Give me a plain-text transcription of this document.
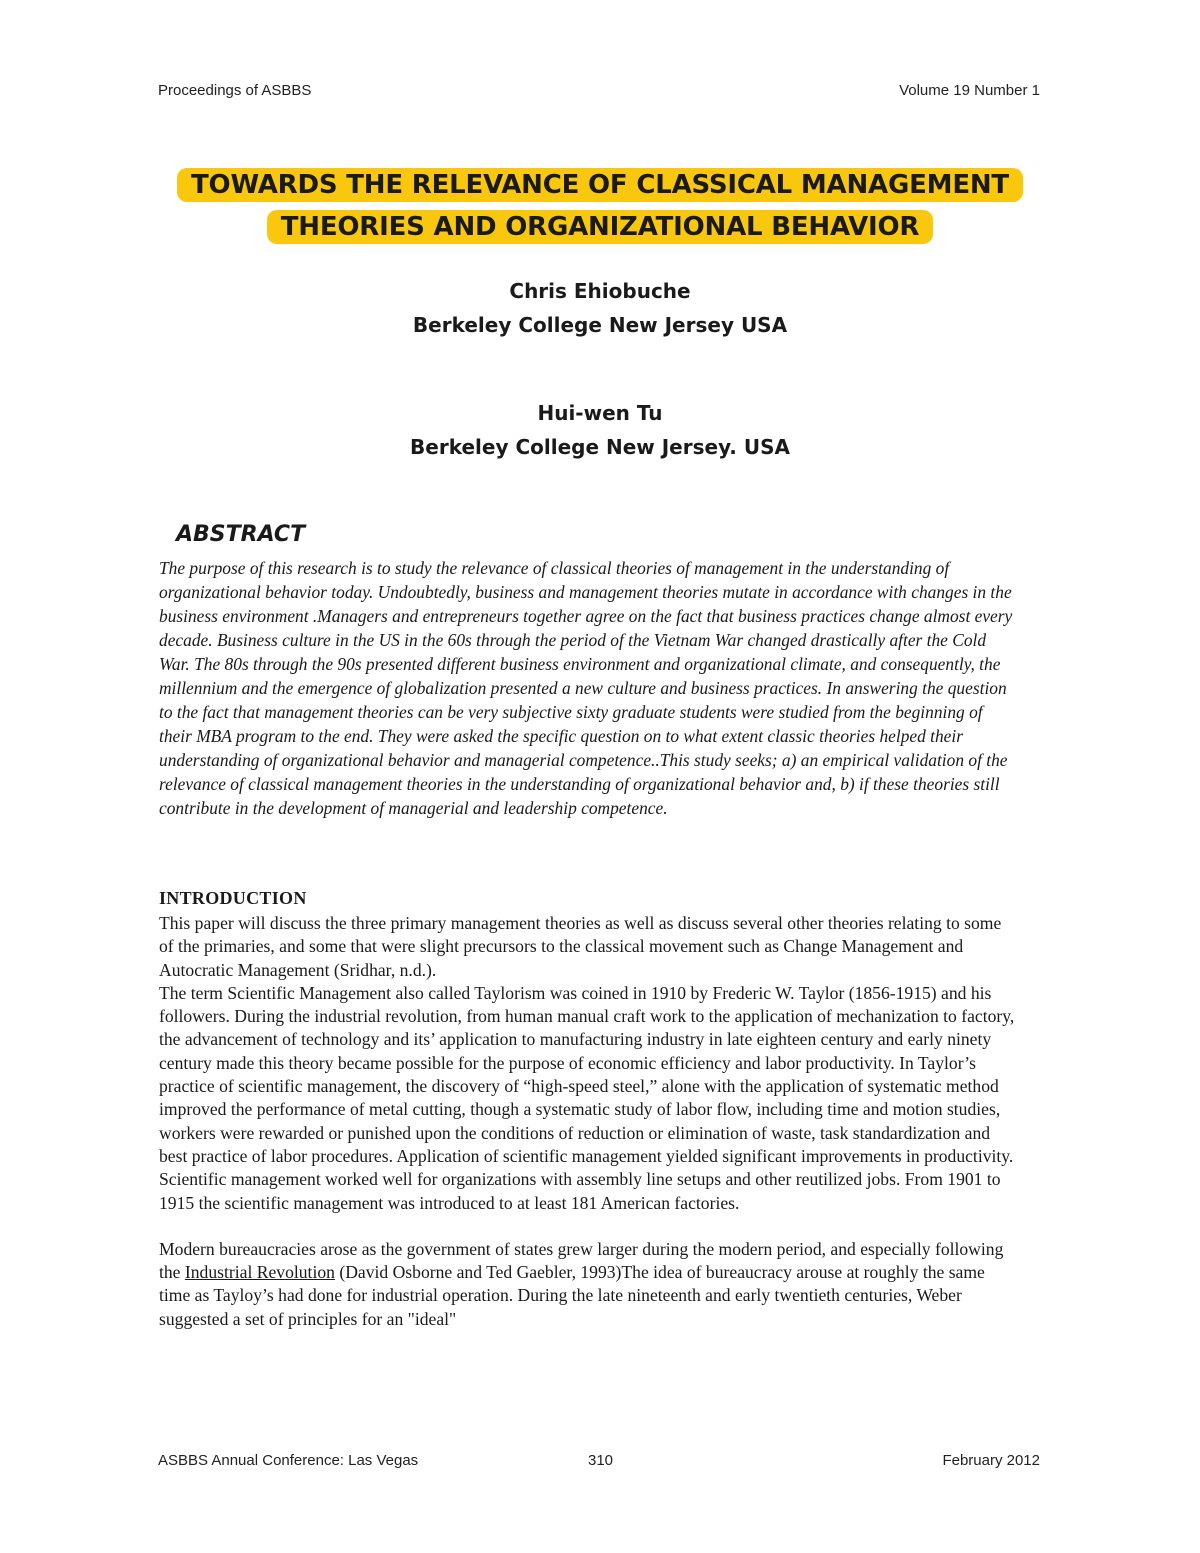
Proceedings of ASBBS	Volume 19 Number 1
TOWARDS THE RELEVANCE OF CLASSICAL MANAGEMENT
THEORIES AND ORGANIZATIONAL BEHAVIOR
Chris Ehiobuche
Berkeley College New Jersey USA
Hui-wen Tu
Berkeley College New Jersey. USA
ABSTRACT
The purpose of this research is to study the relevance of classical theories of management in the understanding of organizational behavior today. Undoubtedly, business and management theories mutate in accordance with changes in the business environment .Managers and entrepreneurs together agree on the fact that business practices change almost every decade. Business culture in the US in the 60s through the period of the Vietnam War changed drastically after the Cold War. The 80s through the 90s presented different business environment and organizational climate, and consequently, the millennium and the emergence of globalization presented a new culture and business practices. In answering the question to the fact that management theories can be very subjective sixty graduate students were studied from the beginning of their MBA program to the end. They were asked the specific question on to what extent classic theories helped their understanding of organizational behavior and managerial competence..This study seeks; a) an empirical validation of the relevance of classical management theories in the understanding of organizational behavior and, b) if these theories still contribute in the development of managerial and leadership competence.
INTRODUCTION

This paper will discuss the three primary management theories as well as discuss several other theories relating to some of the primaries, and some that were slight precursors to the classical movement such as Change Management and Autocratic Management (Sridhar, n.d.).

The term Scientific Management also called Taylorism was coined in 1910 by Frederic W. Taylor (1856-1915) and his followers. During the industrial revolution, from human manual craft work to the application of mechanization to factory, the advancement of technology and its’ application to manufacturing industry in late eighteen century and early ninety century made this theory became possible for the purpose of economic efficiency and labor productivity. In Taylor’s practice of scientific management, the discovery of “high-speed steel,” alone with the application of systematic method improved the performance of metal cutting, though a systematic study of labor flow, including time and motion studies, workers were rewarded or punished upon the conditions of reduction or elimination of waste, task standardization and best practice of labor procedures. Application of scientific management yielded significant improvements in productivity. Scientific management worked well for organizations with assembly line setups and other reutilized jobs. From 1901 to 1915 the scientific management was introduced to at least 181 American factories.

Modern bureaucracies arose as the government of states grew larger during the modern period, and especially following the Industrial Revolution (David Osborne and Ted Gaebler, 1993)The idea of bureaucracy arouse at roughly the same time as Tayloy’s had done for industrial operation. During the late nineteenth and early twentieth centuries, Weber suggested a set of principles for an "ideal"

ASBBS Annual Conference: Las Vegas	310	February 2012
